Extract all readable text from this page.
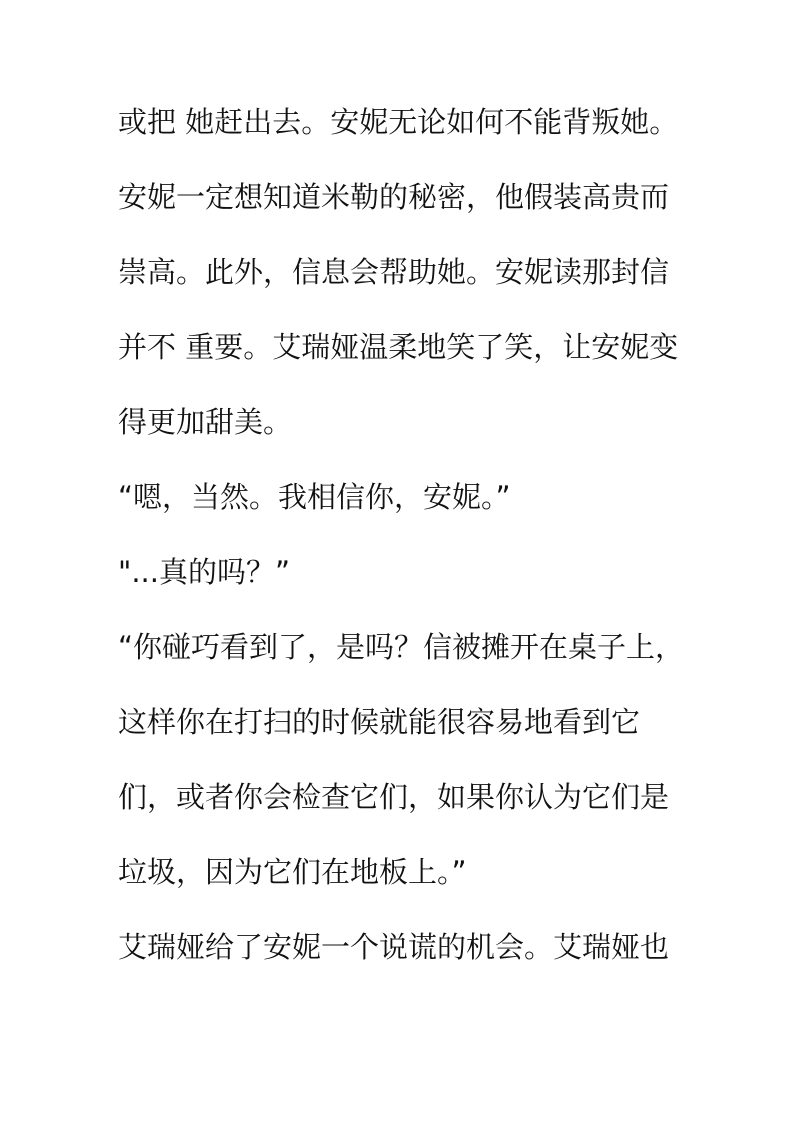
或把 她赶出去。安妮无论如何不能背叛她。
安妮一定想知道米勒的秘密，他假装高贵而
崇高。此外，信息会帮助她。安妮读那封信
并不 重要。艾瑞娅温柔地笑了笑，让安妮变
得更加甜美。
“嗯，当然。我相信你，安妮。”
"...真的吗？”
“你碰巧看到了，是吗？信被摊开在桌子上，
这样你在打扫的时候就能很容易地看到它
们，或者你会检查它们，如果你认为它们是
垃圾，因为它们在地板上。”
艾瑞娅给了安妮一个说谎的机会。艾瑞娅也
